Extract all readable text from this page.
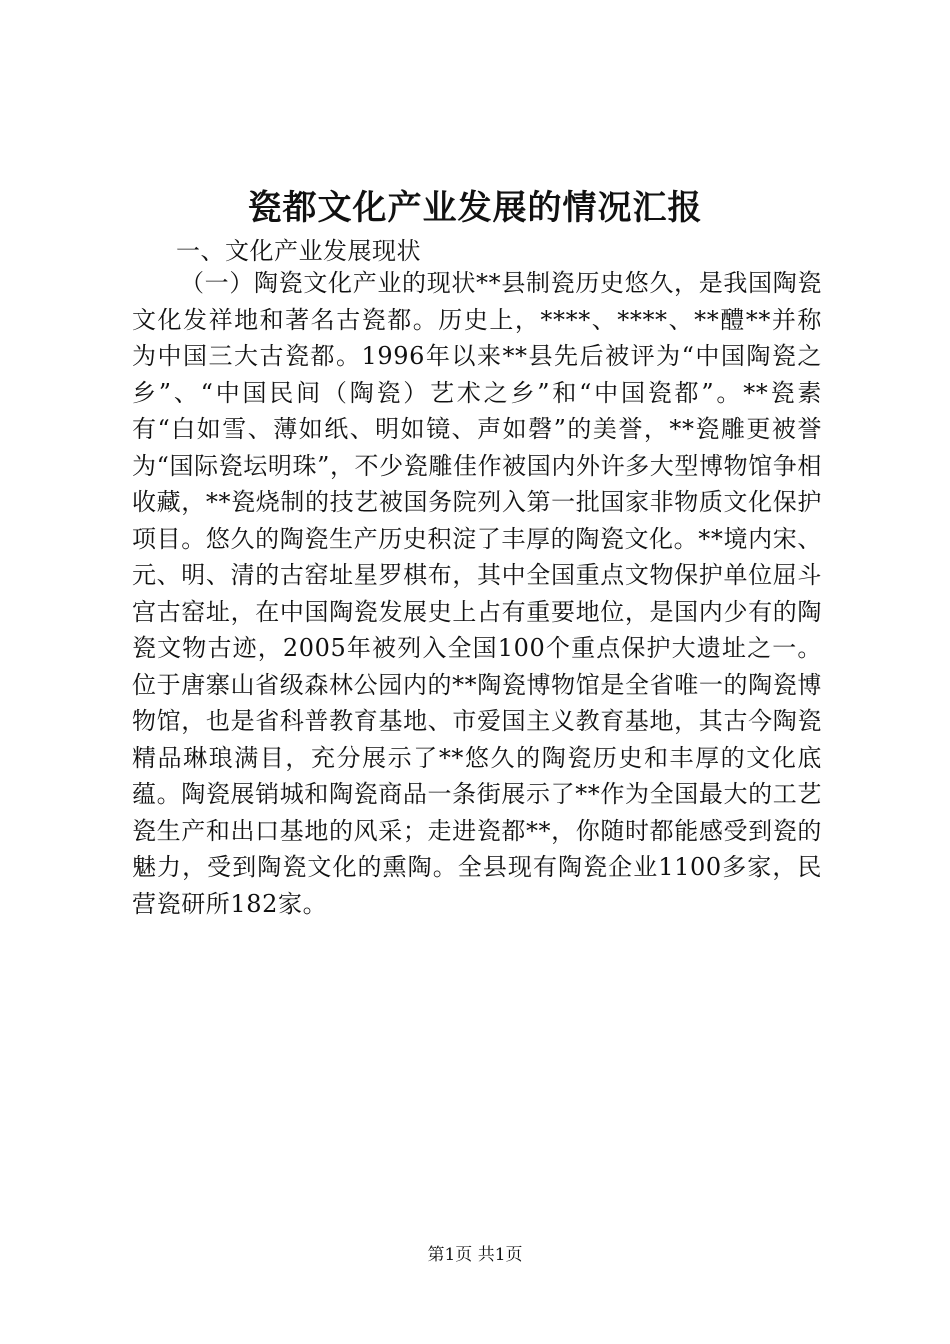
瓷都文化产业发展的情况汇报

一、文化产业发展现状

（一）陶瓷文化产业的现状**县制瓷历史悠久，是我国陶瓷文化发祥地和著名古瓷都。历史上，****、****、**醴**并称为中国三大古瓷都。1996年以来**县先后被评为“中国陶瓷之乡”、“中国民间（陶瓷）艺术之乡”和“中国瓷都”。**瓷素有“白如雪、薄如纸、明如镜、声如磬”的美誉，**瓷雕更被誉为“国际瓷坛明珠”，不少瓷雕佳作被国内外许多大型博物馆争相收藏，**瓷烧制的技艺被国务院列入第一批国家非物质文化保护项目。悠久的陶瓷生产历史积淀了丰厚的陶瓷文化。**境内宋、元、明、清的古窑址星罗棋布，其中全国重点文物保护单位屈斗宫古窑址，在中国陶瓷发展史上占有重要地位，是国内少有的陶瓷文物古迹，2005年被列入全国100个重点保护大遗址之一。位于唐寨山省级森林公园内的**陶瓷博物馆是全省唯一的陶瓷博物馆，也是省科普教育基地、市爱国主义教育基地，其古今陶瓷精品琳琅满目，充分展示了**悠久的陶瓷历史和丰厚的文化底蕴。陶瓷展销城和陶瓷商品一条街展示了**作为全国最大的工艺瓷生产和出口基地的风采；走进瓷都**，你随时都能感受到瓷的魅力，受到陶瓷文化的熏陶。全县现有陶瓷企业1100多家，民营瓷研所182家。

第1页 共1页
